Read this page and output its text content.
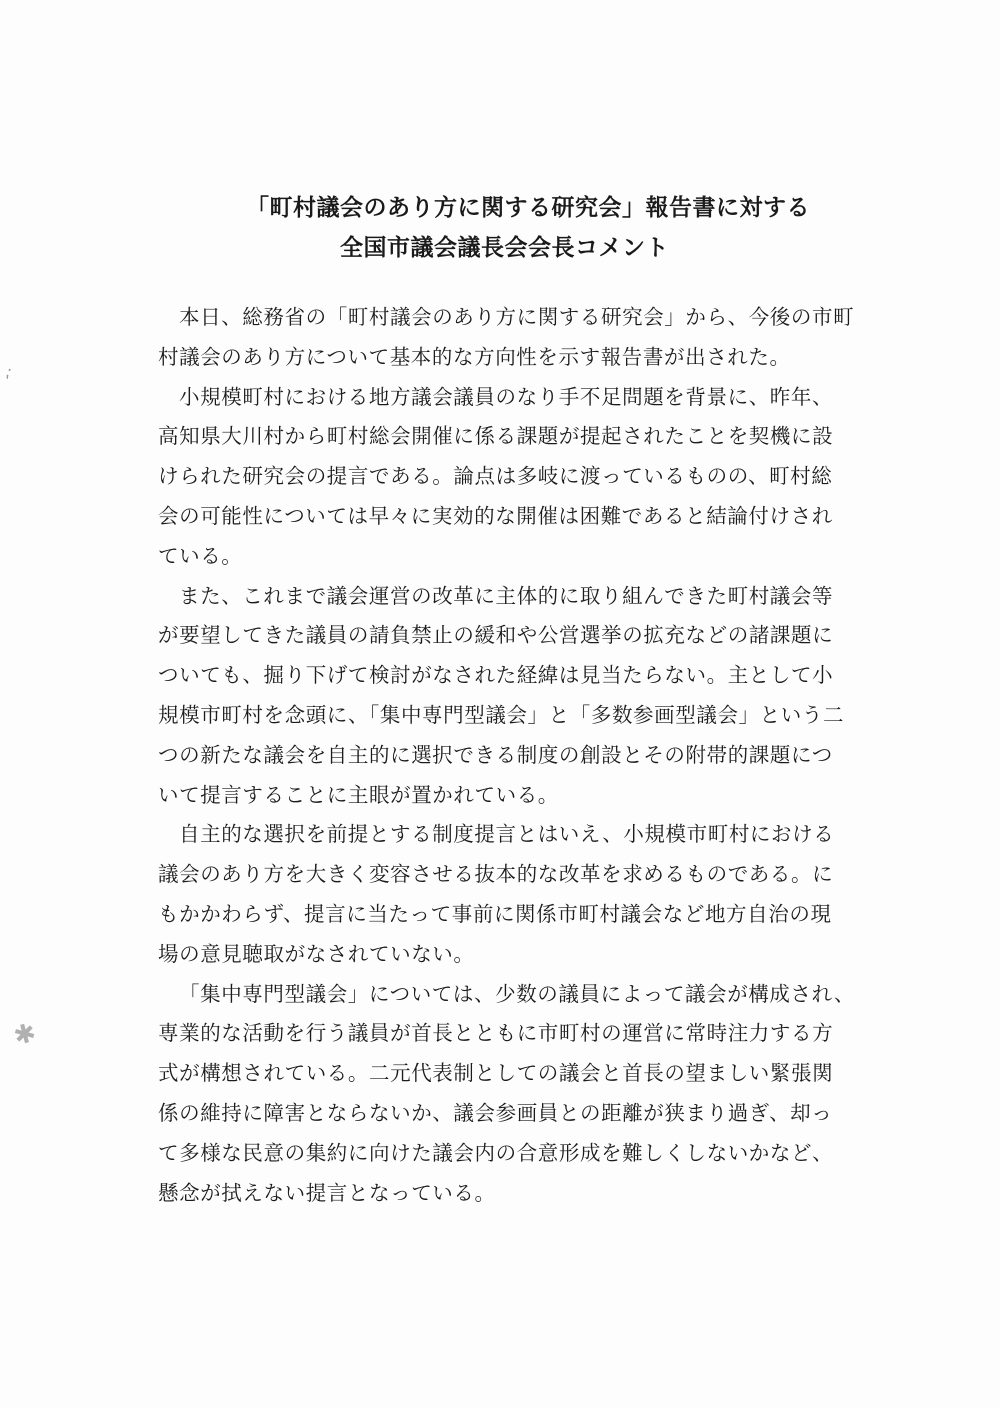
⁏
✱
「町村議会のあり方に関する研究会」報告書に対する
全国市議会議長会会長コメント
本日、総務省の「町村議会のあり方に関する研究会」から、今後の市町
村議会のあり方について基本的な方向性を示す報告書が出された。
小規模町村における地方議会議員のなり手不足問題を背景に、昨年、
高知県大川村から町村総会開催に係る課題が提起されたことを契機に設
けられた研究会の提言である。論点は多岐に渡っているものの、町村総
会の可能性については早々に実効的な開催は困難であると結論付けされ
ている。
また、これまで議会運営の改革に主体的に取り組んできた町村議会等
が要望してきた議員の請負禁止の緩和や公営選挙の拡充などの諸課題に
ついても、掘り下げて検討がなされた経緯は見当たらない。主として小
規模市町村を念頭に、「集中専門型議会」と「多数参画型議会」という二
つの新たな議会を自主的に選択できる制度の創設とその附帯的課題につ
いて提言することに主眼が置かれている。
自主的な選択を前提とする制度提言とはいえ、小規模市町村における
議会のあり方を大きく変容させる抜本的な改革を求めるものである。に
もかかわらず、提言に当たって事前に関係市町村議会など地方自治の現
場の意見聴取がなされていない。
「集中専門型議会」については、少数の議員によって議会が構成され、
専業的な活動を行う議員が首長とともに市町村の運営に常時注力する方
式が構想されている。二元代表制としての議会と首長の望ましい緊張関
係の維持に障害とならないか、議会参画員との距離が狭まり過ぎ、却っ
て多様な民意の集約に向けた議会内の合意形成を難しくしないかなど、
懸念が拭えない提言となっている。
